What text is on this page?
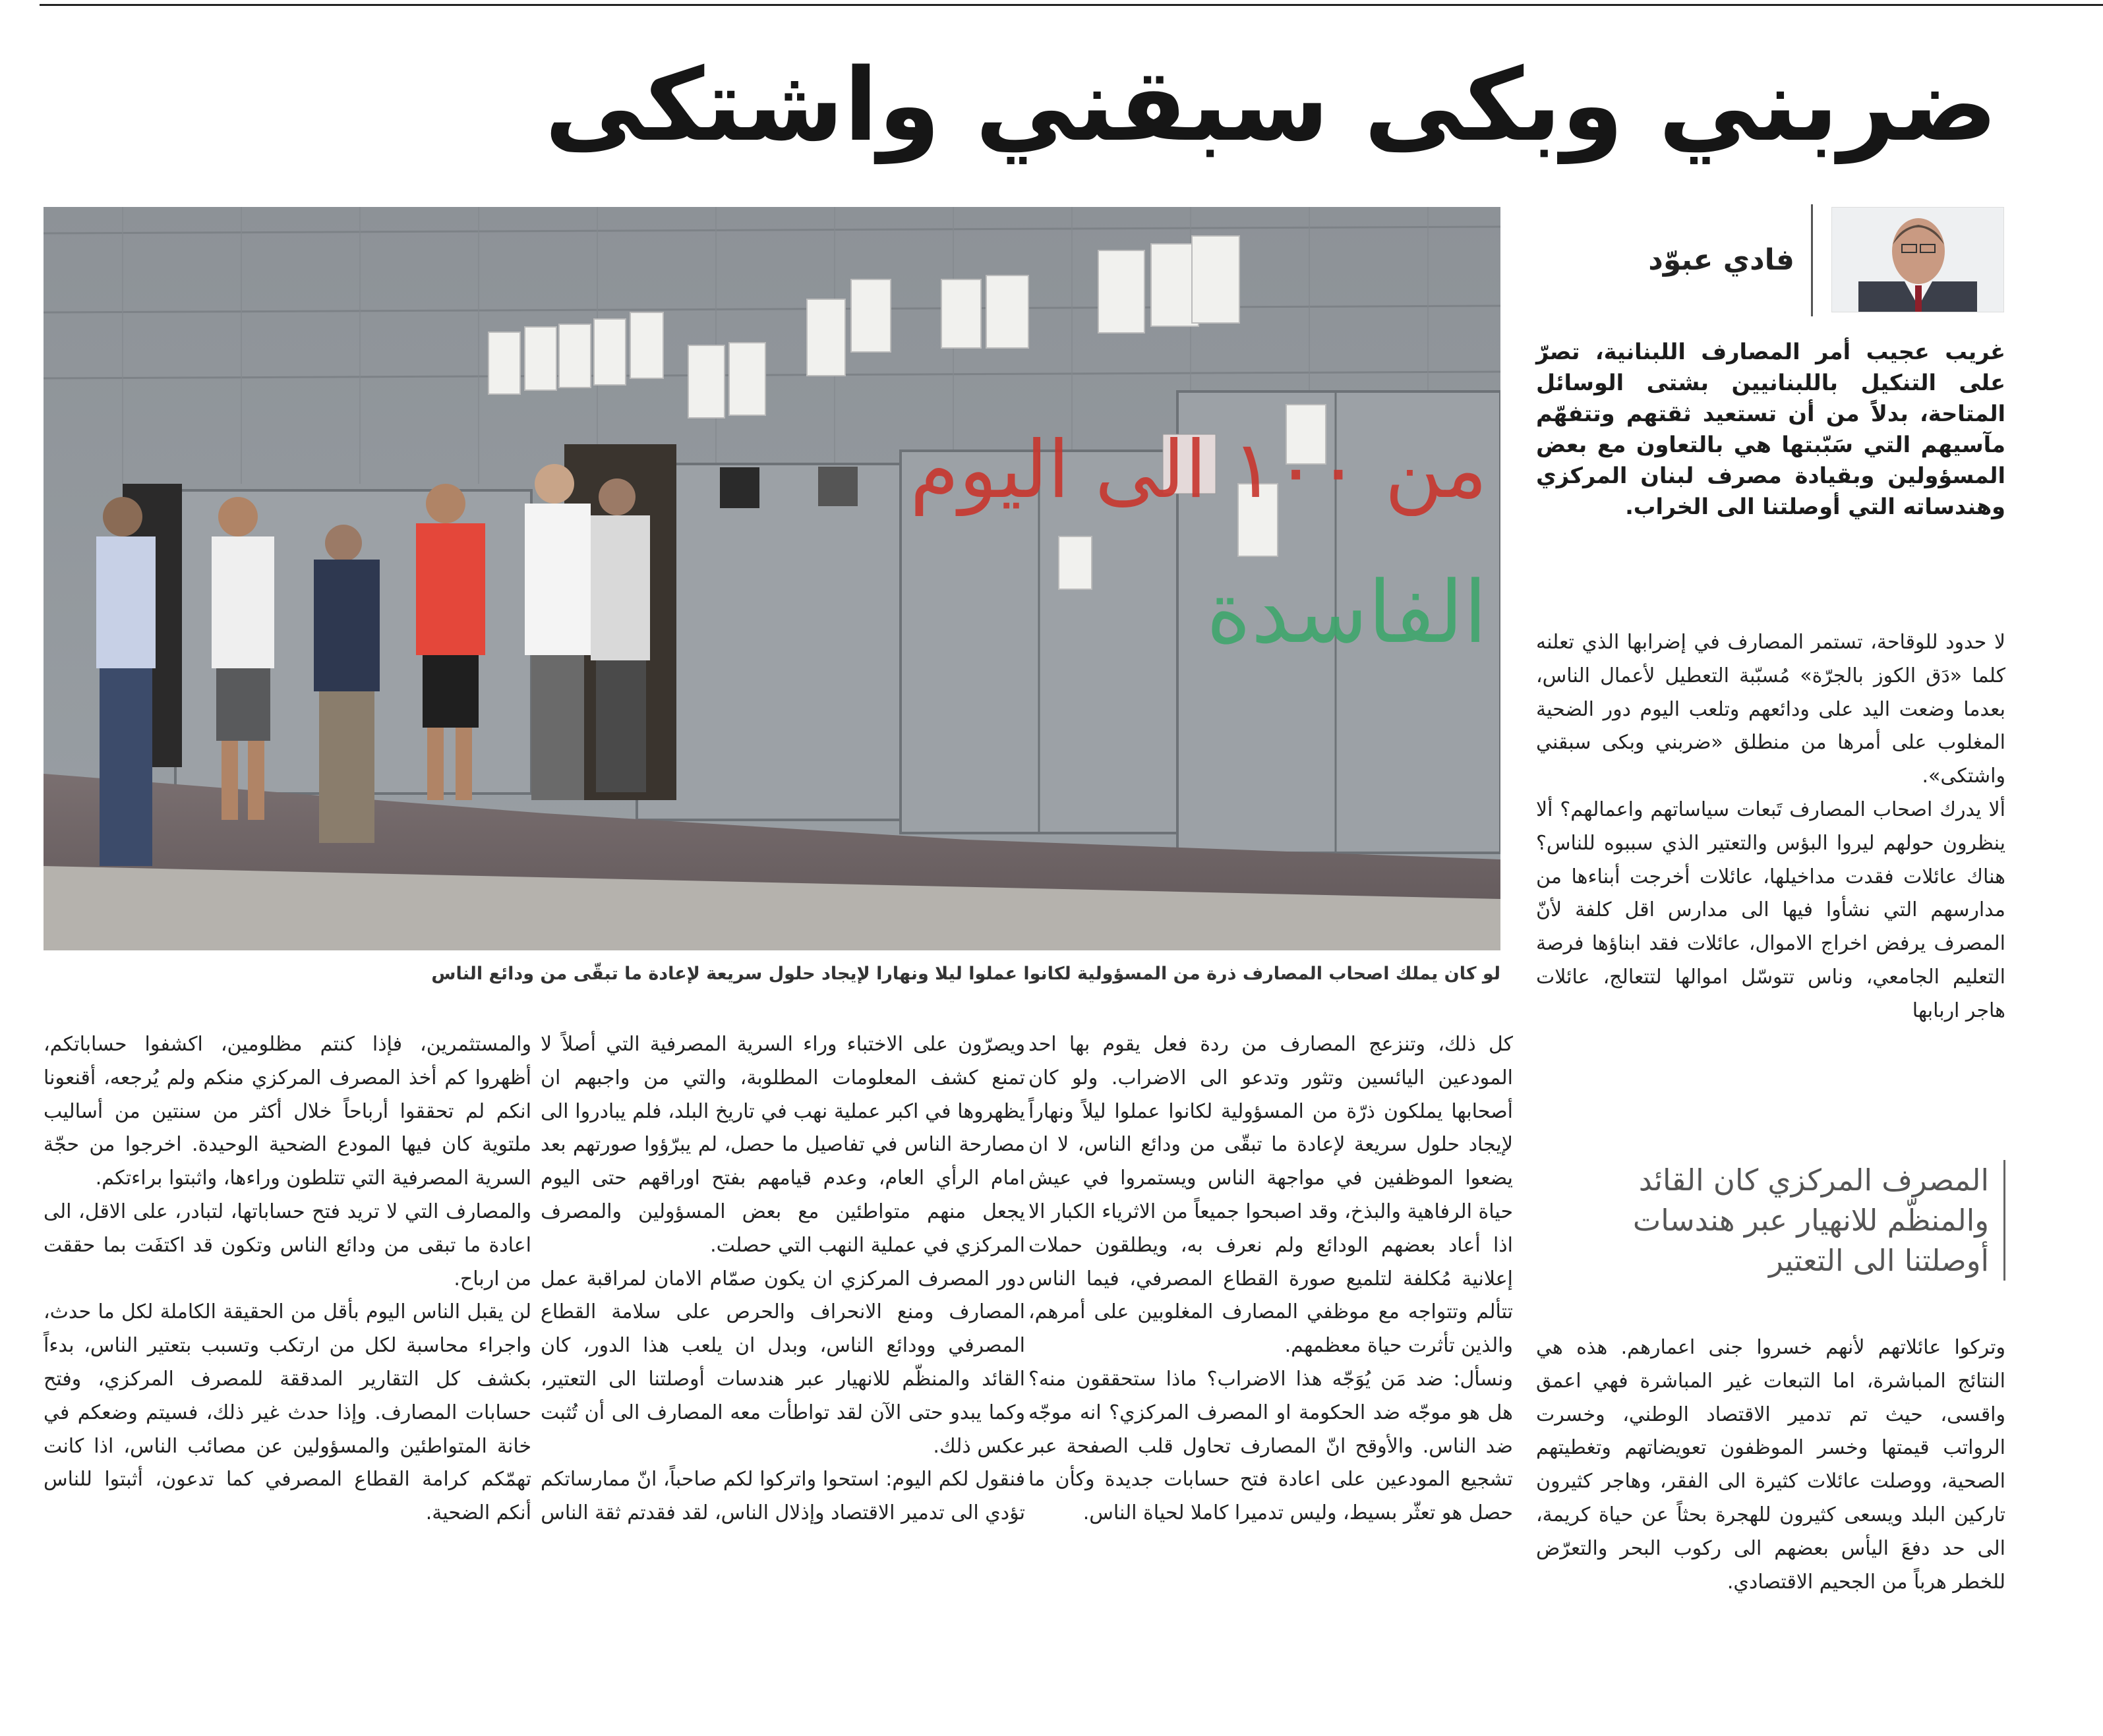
ضربني وبكى سبقني واشتكى
من ١٠٠ الى اليوم
الفاسدة
لو كان يملك اصحاب المصارف ذرة من المسؤولية لكانوا عملوا ليلا ونهارا لإيجاد حلول سريعة لإعادة ما تبقّى من ودائع الناس
فادي عبوّد

غريب عجيب أمر المصارف اللبنانية، تصرّ على التنكيل باللبنانيين بشتى الوسائل المتاحة، بدلاً من أن تستعيد ثقتهم وتتفهّم مآسيهم التي سَبّبتها هي بالتعاون مع بعض المسؤولين وبقيادة مصرف لبنان المركزي وهندساته التي أوصلتنا الى الخراب.

لا حدود للوقاحة، تستمر المصارف في إضرابها الذي تعلنه كلما «دَق الكوز بالجرّة» مُسبّبة التعطيل لأعمال الناس، بعدما وضعت اليد على ودائعهم وتلعب اليوم دور الضحية المغلوب على أمرها من منطلق «ضربني وبكى سبقني واشتكى».

ألا يدرك اصحاب المصارف تَبعات سياساتهم واعمالهم؟ ألا ينظرون حولهم ليروا البؤس والتعتير الذي سببوه للناس؟ هناك عائلات فقدت مداخيلها، عائلات أخرجت أبناءها من مدارسهم التي نشأوا فيها الى مدارس اقل كلفة لأنّ المصرف يرفض اخراج الاموال، عائلات فقد ابناؤها فرصة التعليم الجامعي، وناس تتوسّل اموالها لتتعالج، عائلات هاجر اربابها

المصرف المركزي كان القائد
والمنظّم للانهيار عبر هندسات
أوصلتنا الى التعتير

وتركوا عائلاتهم لأنهم خسروا جنى اعمارهم. هذه هي النتائج المباشرة، اما التبعات غير المباشرة فهي اعمق واقسى، حيث تم تدمير الاقتصاد الوطني، وخسرت الرواتب قيمتها وخسر الموظفون تعويضاتهم وتغطيتهم الصحية، ووصلت عائلات كثيرة الى الفقر، وهاجر كثيرون تاركين البلد ويسعى كثيرون للهجرة بحثاً عن حياة كريمة، الى حد دفعَ اليأس بعضهم الى ركوب البحر والتعرّض للخطر هرباً من الجحيم الاقتصادي.

كل ذلك، وتنزعج المصارف من ردة فعل يقوم بها احد المودعين اليائسين وتثور وتدعو الى الاضراب. ولو كان أصحابها يملكون ذرّة من المسؤولية لكانوا عملوا ليلاً ونهاراً لإيجاد حلول سريعة لإعادة ما تبقّى من ودائع الناس، لا ان يضعوا الموظفين في مواجهة الناس ويستمروا في عيش حياة الرفاهية والبذخ، وقد اصبحوا جميعاً من الاثرياء الكبار الا اذا أعاد بعضهم الودائع ولم نعرف به، ويطلقون حملات إعلانية مُكلفة لتلميع صورة القطاع المصرفي، فيما الناس تتألم وتتواجه مع موظفي المصارف المغلوبين على أمرهم، والذين تأثرت حياة معظمهم.

ونسأل: ضد مَن يُوَجّه هذا الاضراب؟ ماذا ستحققون منه؟ هل هو موجّه ضد الحكومة او المصرف المركزي؟ انه موجّه ضد الناس. والأوقح انّ المصارف تحاول قلب الصفحة عبر تشجيع المودعين على اعادة فتح حسابات جديدة وكأن ما حصل هو تعثّر بسيط، وليس تدميرا كاملا لحياة الناس.

ويصرّون على الاختباء وراء السرية المصرفية التي أصلاً لا تمنع كشف المعلومات المطلوبة، والتي من واجبهم ان يظهروها في اكبر عملية نهب في تاريخ البلد، فلم يبادروا الى مصارحة الناس في تفاصيل ما حصل، لم يبرّؤوا صورتهم بعد امام الرأي العام، وعدم قيامهم بفتح اوراقهم حتى اليوم يجعل منهم متواطئين مع بعض المسؤولين والمصرف المركزي في عملية النهب التي حصلت.

دور المصرف المركزي ان يكون صمّام الامان لمراقبة عمل المصارف ومنع الانحراف والحرص على سلامة القطاع المصرفي وودائع الناس، وبدل ان يلعب هذا الدور، كان القائد والمنظّم للانهيار عبر هندسات أوصلتنا الى التعتير، وكما يبدو حتى الآن لقد تواطأت معه المصارف الى أن تُثبت عكس ذلك.

فنقول لكم اليوم: استحوا واتركوا لكم صاحباً، انّ ممارساتكم تؤدي الى تدمير الاقتصاد وإذلال الناس، لقد فقدتم ثقة الناس

والمستثمرين، فإذا كنتم مظلومين، اكشفوا حساباتكم، أظهروا كم أخذ المصرف المركزي منكم ولم يُرجعه، أقنعونا انكم لم تحققوا أرباحاً خلال أكثر من سنتين من أساليب ملتوية كان فيها المودع الضحية الوحيدة. اخرجوا من حجّة السرية المصرفية التي تتلطون وراءها، واثبتوا براءتكم.

والمصارف التي لا تريد فتح حساباتها، لتبادر، على الاقل، الى اعادة ما تبقى من ودائع الناس وتكون قد اكتفَت بما حققت من ارباح.

لن يقبل الناس اليوم بأقل من الحقيقة الكاملة لكل ما حدث، واجراء محاسبة لكل من ارتكب وتسبب بتعتير الناس، بدءاً بكشف كل التقارير المدققة للمصرف المركزي، وفتح حسابات المصارف. وإذا حدث غير ذلك، فسيتم وضعكم في خانة المتواطئين والمسؤولين عن مصائب الناس، اذا كانت تهمّكم كرامة القطاع المصرفي كما تدعون، أثبتوا للناس أنكم الضحية.
